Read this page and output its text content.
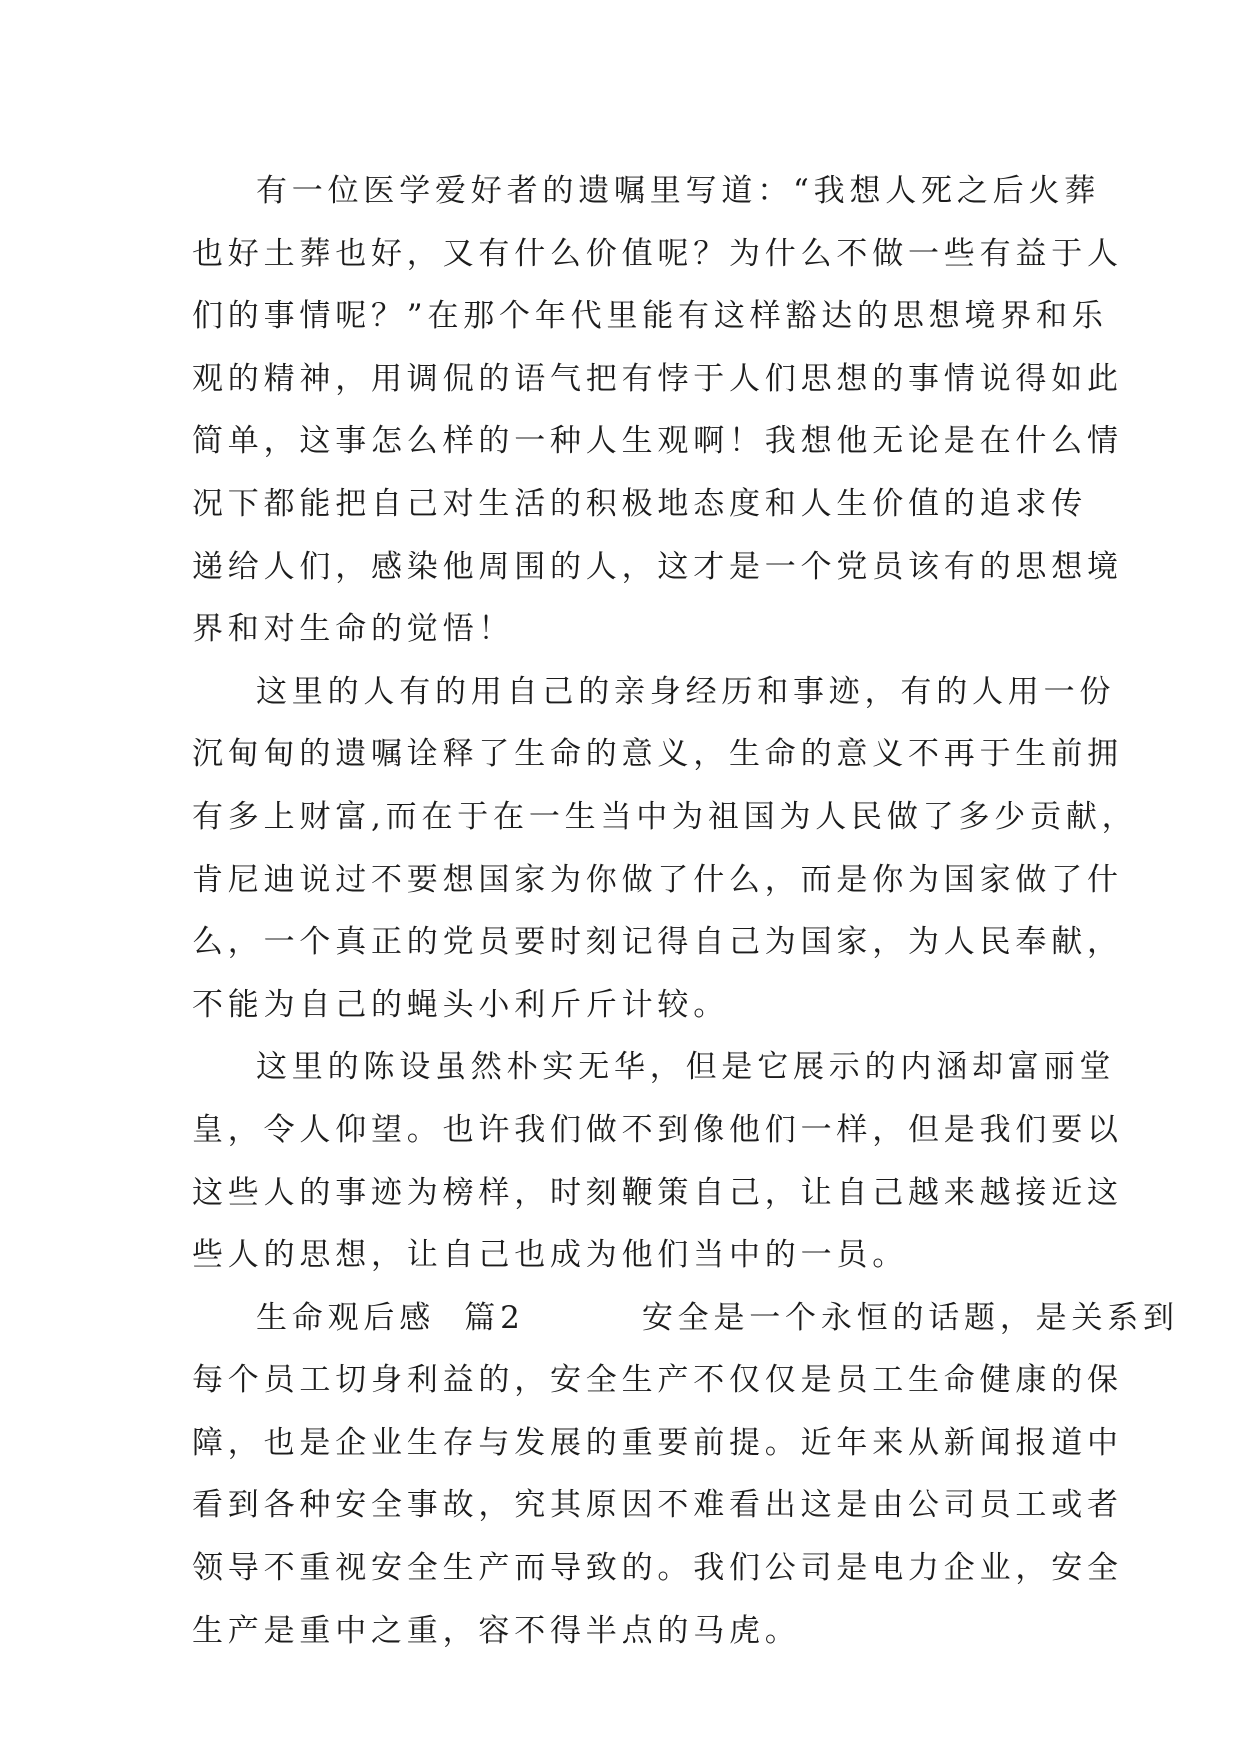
有一位医学爱好者的遗嘱里写道：“我想人死之后火葬
也好土葬也好，又有什么价值呢？为什么不做一些有益于人
们的事情呢？”在那个年代里能有这样豁达的思想境界和乐
观的精神，用调侃的语气把有悖于人们思想的事情说得如此
简单，这事怎么样的一种人生观啊！我想他无论是在什么情
况下都能把自己对生活的积极地态度和人生价值的追求传
递给人们，感染他周围的人，这才是一个党员该有的思想境
界和对生命的觉悟！
这里的人有的用自己的亲身经历和事迹，有的人用一份
沉甸甸的遗嘱诠释了生命的意义，生命的意义不再于生前拥
有多上财富,而在于在一生当中为祖国为人民做了多少贡献，
肯尼迪说过不要想国家为你做了什么，而是你为国家做了什
么，一个真正的党员要时刻记得自己为国家，为人民奉献，
不能为自己的蝇头小利斤斤计较。
这里的陈设虽然朴实无华，但是它展示的内涵却富丽堂
皇，令人仰望。也许我们做不到像他们一样，但是我们要以
这些人的事迹为榜样，时刻鞭策自己，让自己越来越接近这
些人的思想，让自己也成为他们当中的一员。
生命观后感  篇2        安全是一个永恒的话题，是关系到
每个员工切身利益的，安全生产不仅仅是员工生命健康的保
障，也是企业生存与发展的重要前提。近年来从新闻报道中
看到各种安全事故，究其原因不难看出这是由公司员工或者
领导不重视安全生产而导致的。我们公司是电力企业，安全
生产是重中之重，容不得半点的马虎。
